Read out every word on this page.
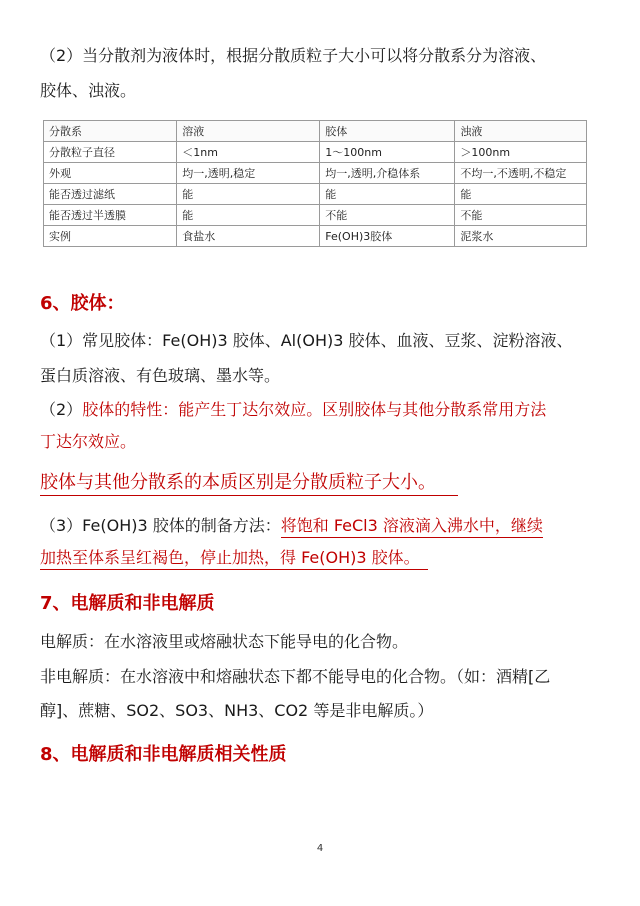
（2）当分散剂为液体时，根据分散质粒子大小可以将分散系分为溶液、
胶体、浊液。
分散系	溶液	胶体	浊液
分散粒子直径	＜1nm	1～100nm	＞100nm
外观	均一,透明,稳定	均一,透明,介稳体系	不均一,不透明,不稳定
能否透过滤纸	能	能	能
能否透过半透膜	能	不能	不能
实例	食盐水	Fe(OH)3胶体	泥浆水
6、胶体：
（1）常见胶体：Fe(OH)3 胶体、Al(OH)3 胶体、血液、豆浆、淀粉溶液、
蛋白质溶液、有色玻璃、墨水等。
（2）胶体的特性：能产生丁达尔效应。区别胶体与其他分散系常用方法
丁达尔效应。
胶体与其他分散系的本质区别是分散质粒子大小。
（3）Fe(OH)3 胶体的制备方法：将饱和 FeCl3 溶液滴入沸水中，继续
加热至体系呈红褐色，停止加热，得 Fe(OH)3 胶体。
7、电解质和非电解质
电解质：在水溶液里或熔融状态下能导电的化合物。
非电解质：在水溶液中和熔融状态下都不能导电的化合物。（如：酒精[乙
醇]、蔗糖、SO2、SO3、NH3、CO2 等是非电解质。）
8、电解质和非电解质相关性质
4
